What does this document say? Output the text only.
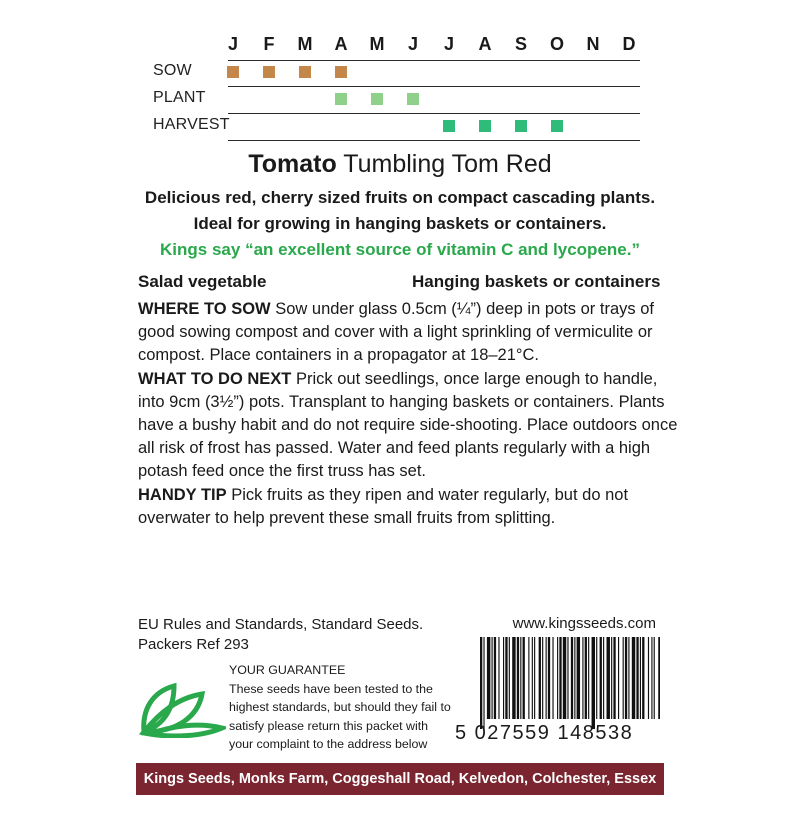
J F M A M J J A S O N D
SOW
PLANT
HARVEST
Tomato Tumbling Tom Red
Delicious red, cherry sized fruits on compact cascading plants.
Ideal for growing in hanging baskets or containers.
Kings say “an excellent source of vitamin C and lycopene.”
Salad vegetable	Hanging baskets or containers

WHERE TO SOW Sow under glass 0.5cm (¼”) deep in pots or trays of good sowing compost and cover with a light sprinkling of vermiculite or compost. Place containers in a propagator at 18–21°C.

WHAT TO DO NEXT Prick out seedlings, once large enough to handle, into 9cm (3½”) pots. Transplant to hanging baskets or containers. Plants have a bushy habit and do not require side-shooting. Place outdoors once all risk of frost has passed. Water and feed plants regularly with a high potash feed once the first truss has set.

HANDY TIP Pick fruits as they ripen and water regularly, but do not overwater to help prevent these small fruits from splitting.

EU Rules and Standards, Standard Seeds.
Packers Ref 293
www.kingsseeds.com
YOUR GUARANTEE
These seeds have been tested to the highest standards, but should they fail to satisfy please return this packet with your complaint to the address below
5 027559 148538
Kings Seeds, Monks Farm, Coggeshall Road, Kelvedon, Colchester, Essex CO5 9PG
